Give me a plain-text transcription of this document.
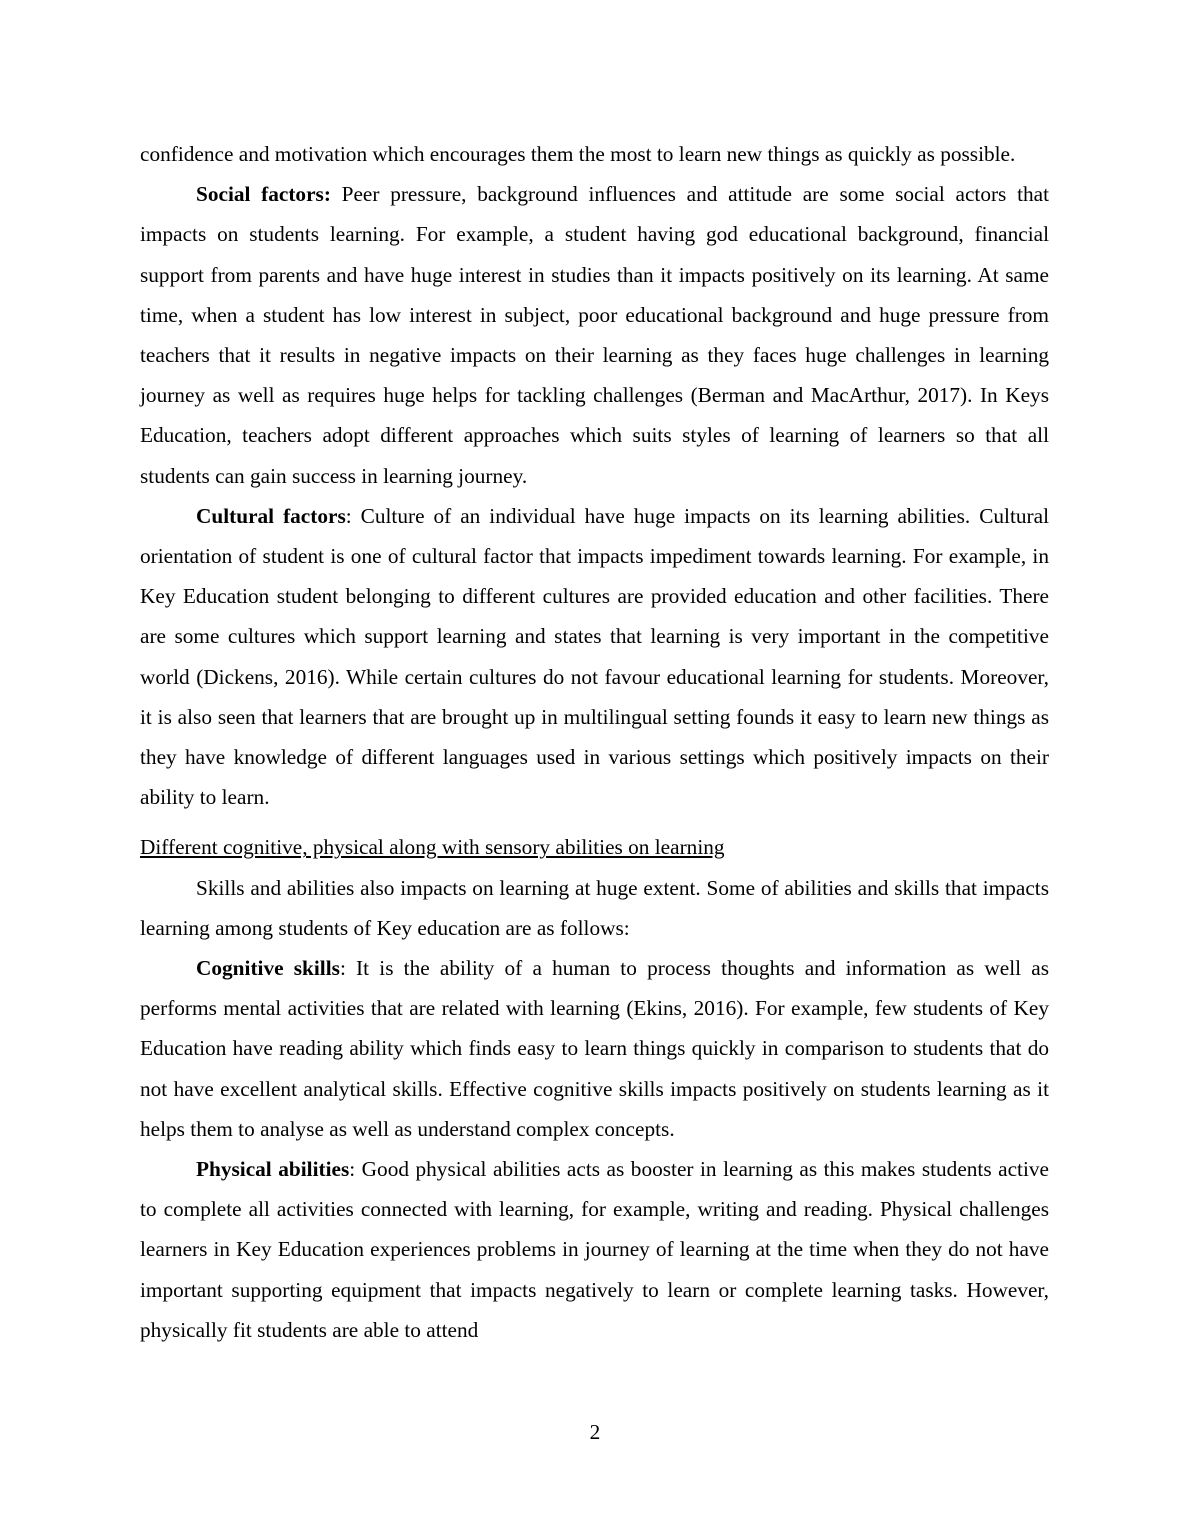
confidence and motivation which encourages them the most to learn new things as quickly as possible.

Social factors: Peer pressure, background influences and attitude are some social actors that impacts on students learning. For example, a student having god educational background, financial support from parents and have huge interest in studies than it impacts positively on its learning. At same time, when a student has low interest in subject, poor educational background and huge pressure from teachers that it results in negative impacts on their learning as they faces huge challenges in learning journey as well as requires huge helps for tackling challenges (Berman and MacArthur, 2017). In Keys Education, teachers adopt different approaches which suits styles of learning of learners so that all students can gain success in learning journey.

Cultural factors: Culture of an individual have huge impacts on its learning abilities. Cultural orientation of student is one of cultural factor that impacts impediment towards learning. For example, in Key Education student belonging to different cultures are provided education and other facilities. There are some cultures which support learning and states that learning is very important in the competitive world (Dickens, 2016). While certain cultures do not favour educational learning for students. Moreover, it is also seen that learners that are brought up in multilingual setting founds it easy to learn new things as they have knowledge of different languages used in various settings which positively impacts on their ability to learn.

Different cognitive, physical along with sensory abilities on learning

Skills and abilities also impacts on learning at huge extent. Some of abilities and skills that impacts learning among students of Key education are as follows:

Cognitive skills: It is the ability of a human to process thoughts and information as well as performs mental activities that are related with learning (Ekins, 2016). For example, few students of Key Education have reading ability which finds easy to learn things quickly in comparison to students that do not have excellent analytical skills. Effective cognitive skills impacts positively on students learning as it helps them to analyse as well as understand complex concepts.

Physical abilities: Good physical abilities acts as booster in learning as this makes students active to complete all activities connected with learning, for example, writing and reading. Physical challenges learners in Key Education experiences problems in journey of learning at the time when they do not have important supporting equipment that impacts negatively to learn or complete learning tasks. However, physically fit students are able to attend

2
